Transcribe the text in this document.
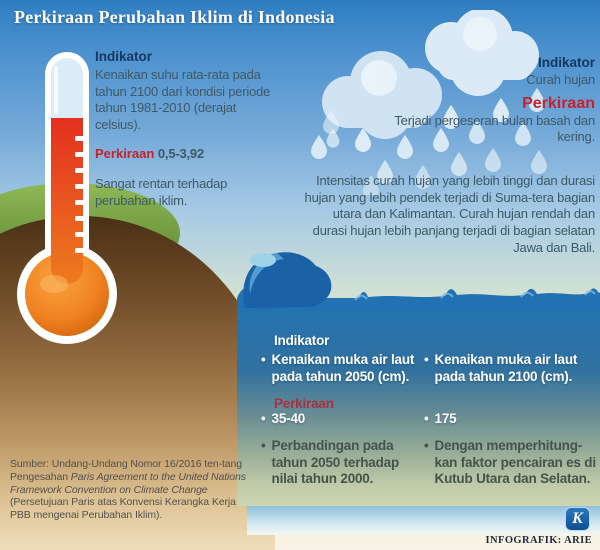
Perkiraan Perubahan Iklim di Indonesia
Indikator
Kenaikan suhu rata-rata pada tahun 2100 dari kondisi periode tahun 1981-2010 (derajat celsius).
Perkiraan 0,5-3,92
Sangat rentan terhadap perubahan iklim.
Indikator
Curah hujan
Perkiraan
Terjadi pergeseran bulan basah dan kering.
Intensitas curah hujan yang lebih tinggi dan durasi hujan yang lebih pendek terjadi di Suma-tera bagian utara dan Kalimantan. Curah hujan rendah dan durasi hujan lebih panjang terjadi di bagian selatan Jawa dan Bali.
Indikator
• Kenaikan muka air laut pada tahun 2050 (cm).
Perkiraan
• 35-40
• Perbandingan pada tahun 2050 terhadap nilai tahun 2000.
• Kenaikan muka air laut pada tahun 2100 (cm).
• 175
• Dengan memperhitung-kan faktor pencairan es di Kutub Utara dan Selatan.
Sumber: Undang-Undang Nomor 16/2016 ten-tang Pengesahan Paris Agreement to the United Nations Framework Convention on Climate Change (Persetujuan Paris atas Konvensi Kerangka Kerja PBB mengenai Perubahan Iklim).	K
INFOGRAFIK: ARIE
